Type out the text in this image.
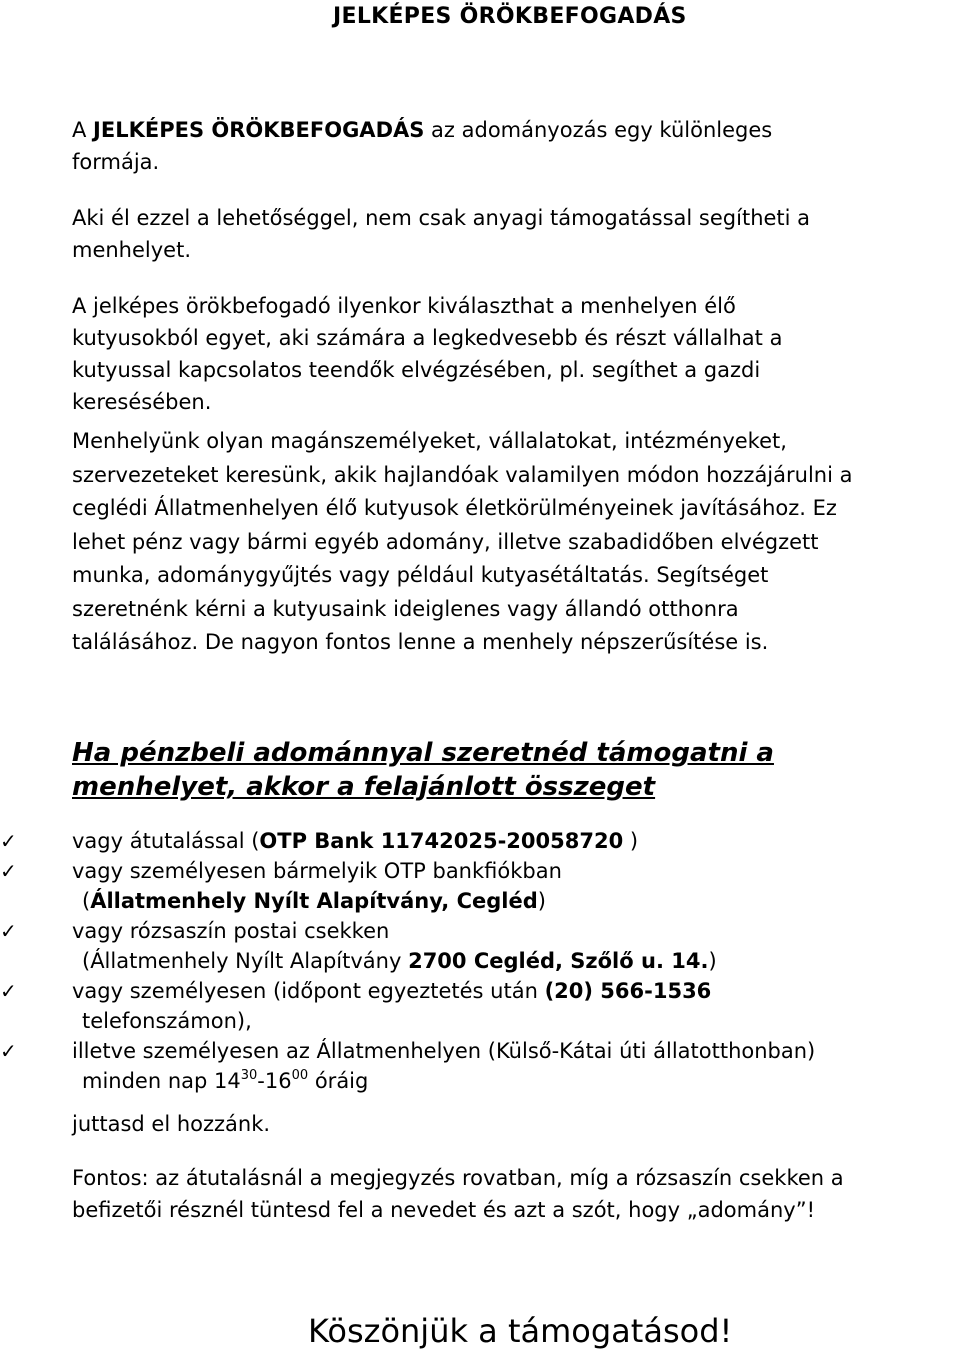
JELKÉPES ÖRÖKBEFOGADÁS
A JELKÉPES ÖRÖKBEFOGADÁS az adományozás egy különleges
formája.
Aki él ezzel a lehetőséggel, nem csak anyagi támogatással segítheti a
menhelyet.
A jelképes örökbefogadó ilyenkor kiválaszthat a menhelyen élő
kutyusokból egyet, aki számára a legkedvesebb és részt vállalhat a
kutyussal kapcsolatos teendők elvégzésében, pl. segíthet a gazdi
keresésében.
Menhelyünk olyan magánszemélyeket, vállalatokat, intézményeket,
szervezeteket keresünk, akik hajlandóak valamilyen módon hozzájárulni a
ceglédi Állatmenhelyen élő kutyusok életkörülményeinek javításához. Ez
lehet pénz vagy bármi egyéb adomány, illetve szabadidőben elvégzett
munka, adománygyűjtés vagy például kutyasétáltatás. Segítséget
szeretnénk kérni a kutyusaink ideiglenes vagy állandó otthonra
találásához. De nagyon fontos lenne a menhely népszerűsítése is.
Ha pénzbeli adománnyal szeretnéd támogatni a
menhelyet, akkor a felajánlott összeget
✓	vagy átutalással (OTP Bank 11742025-20058720 )
✓	vagy személyesen bármelyik OTP bankfiókban
(Állatmenhely Nyílt Alapítvány, Cegléd)
✓	vagy rózsaszín postai csekken
(Állatmenhely Nyílt Alapítvány 2700 Cegléd, Szőlő u. 14.)
✓	vagy személyesen (időpont egyeztetés után (20) 566-1536
telefonszámon),
✓	illetve személyesen az Állatmenhelyen (Külső-Kátai úti állatotthonban)
minden nap $14^{30}-16^{00}$ óráig
juttasd el hozzánk.
Fontos: az átutalásnál a megjegyzés rovatban, míg a rózsaszín csekken a
befizetői résznél tüntesd fel a nevedet és azt a szót, hogy „adomány”!
Köszönjük a támogatásod!
